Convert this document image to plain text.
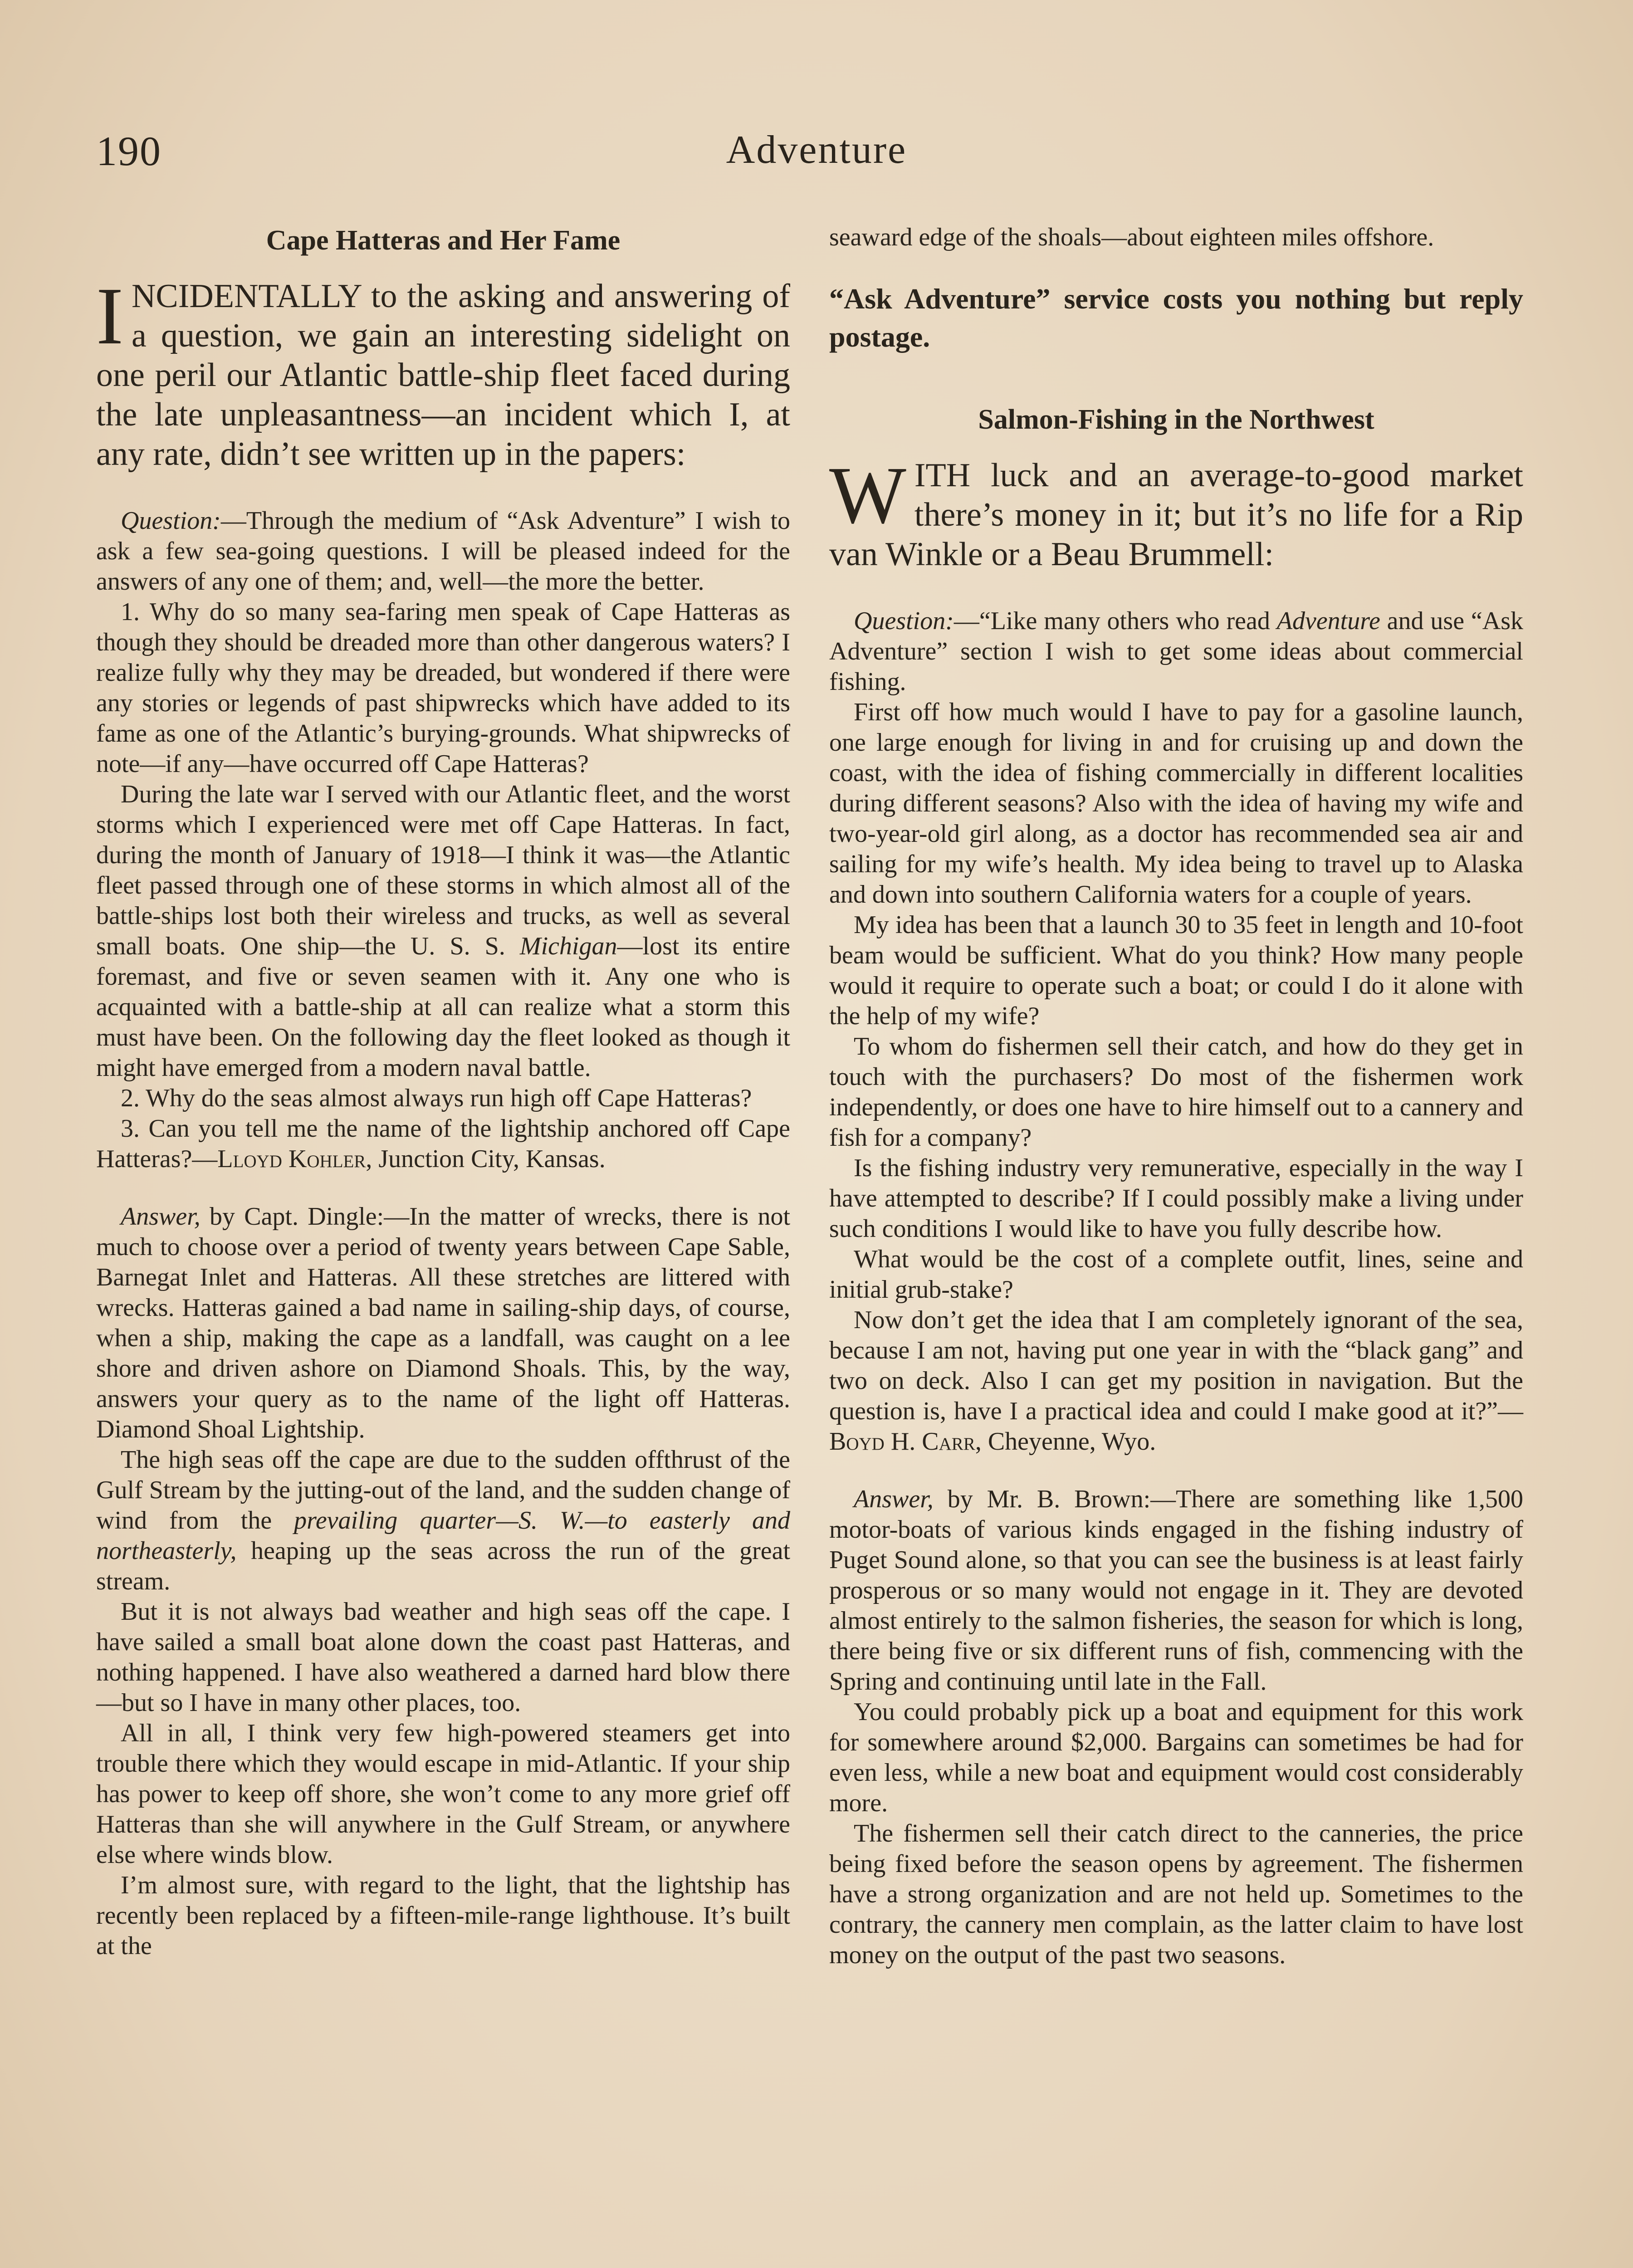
190	Adventure
Cape Hatteras and Her Fame
INCIDENTALLY to the asking and answering of a question, we gain an interesting sidelight on one peril our Atlantic battle-ship fleet faced during the late unpleasantness—an incident which I, at any rate, didn’t see written up in the papers:

Question:—Through the medium of “Ask Adventure” I wish to ask a few sea-going questions. I will be pleased indeed for the answers of any one of them; and, well—the more the better.

1. Why do so many sea-faring men speak of Cape Hatteras as though they should be dreaded more than other dangerous waters? I realize fully why they may be dreaded, but wondered if there were any stories or legends of past shipwrecks which have added to its fame as one of the Atlantic’s burying-grounds. What shipwrecks of note—if any—have occurred off Cape Hatteras?

During the late war I served with our Atlantic fleet, and the worst storms which I experienced were met off Cape Hatteras. In fact, during the month of January of 1918—I think it was—the Atlantic fleet passed through one of these storms in which almost all of the battle-ships lost both their wireless and trucks, as well as several small boats. One ship—the U. S. S. Michigan—lost its entire foremast, and five or seven seamen with it. Any one who is acquainted with a battle-ship at all can realize what a storm this must have been. On the following day the fleet looked as though it might have emerged from a modern naval battle.

2. Why do the seas almost always run high off Cape Hatteras?

3. Can you tell me the name of the lightship anchored off Cape Hatteras?—Lloyd Kohler, Junction City, Kansas.

Answer, by Capt. Dingle:—In the matter of wrecks, there is not much to choose over a period of twenty years between Cape Sable, Barnegat Inlet and Hatteras. All these stretches are littered with wrecks. Hatteras gained a bad name in sailing-ship days, of course, when a ship, making the cape as a landfall, was caught on a lee shore and driven ashore on Diamond Shoals. This, by the way, answers your query as to the name of the light off Hatteras. Diamond Shoal Lightship.

The high seas off the cape are due to the sudden offthrust of the Gulf Stream by the jutting-out of the land, and the sudden change of wind from the prevailing quarter—S. W.—to easterly and northeasterly, heaping up the seas across the run of the great stream.

But it is not always bad weather and high seas off the cape. I have sailed a small boat alone down the coast past Hatteras, and nothing happened. I have also weathered a darned hard blow there—but so I have in many other places, too.

All in all, I think very few high-powered steamers get into trouble there which they would escape in mid-Atlantic. If your ship has power to keep off shore, she won’t come to any more grief off Hatteras than she will anywhere in the Gulf Stream, or anywhere else where winds blow.

I’m almost sure, with regard to the light, that the lightship has recently been replaced by a fifteen-mile-range lighthouse. It’s built at the

seaward edge of the shoals—about eighteen miles offshore.

“Ask Adventure” service costs you nothing but reply postage.
Salmon-Fishing in the Northwest
WITH luck and an average-to-good market there’s money in it; but it’s no life for a Rip van Winkle or a Beau Brummell:

Question:—“Like many others who read Adventure and use “Ask Adventure” section I wish to get some ideas about commercial fishing.

First off how much would I have to pay for a gasoline launch, one large enough for living in and for cruising up and down the coast, with the idea of fishing commercially in different localities during different seasons? Also with the idea of having my wife and two-year-old girl along, as a doctor has recommended sea air and sailing for my wife’s health. My idea being to travel up to Alaska and down into southern California waters for a couple of years.

My idea has been that a launch 30 to 35 feet in length and 10-foot beam would be sufficient. What do you think? How many people would it require to operate such a boat; or could I do it alone with the help of my wife?

To whom do fishermen sell their catch, and how do they get in touch with the purchasers? Do most of the fishermen work independently, or does one have to hire himself out to a cannery and fish for a company?

Is the fishing industry very remunerative, especially in the way I have attempted to describe? If I could possibly make a living under such conditions I would like to have you fully describe how.

What would be the cost of a complete outfit, lines, seine and initial grub-stake?

Now don’t get the idea that I am completely ignorant of the sea, because I am not, having put one year in with the “black gang” and two on deck. Also I can get my position in navigation. But the question is, have I a practical idea and could I make good at it?”—Boyd H. Carr, Cheyenne, Wyo.

Answer, by Mr. B. Brown:—There are something like 1,500 motor-boats of various kinds engaged in the fishing industry of Puget Sound alone, so that you can see the business is at least fairly prosperous or so many would not engage in it. They are devoted almost entirely to the salmon fisheries, the season for which is long, there being five or six different runs of fish, commencing with the Spring and continuing until late in the Fall.

You could probably pick up a boat and equipment for this work for somewhere around $2,000. Bargains can sometimes be had for even less, while a new boat and equipment would cost considerably more.

The fishermen sell their catch direct to the canneries, the price being fixed before the season opens by agreement. The fishermen have a strong organization and are not held up. Sometimes to the contrary, the cannery men complain, as the latter claim to have lost money on the output of the past two seasons.
